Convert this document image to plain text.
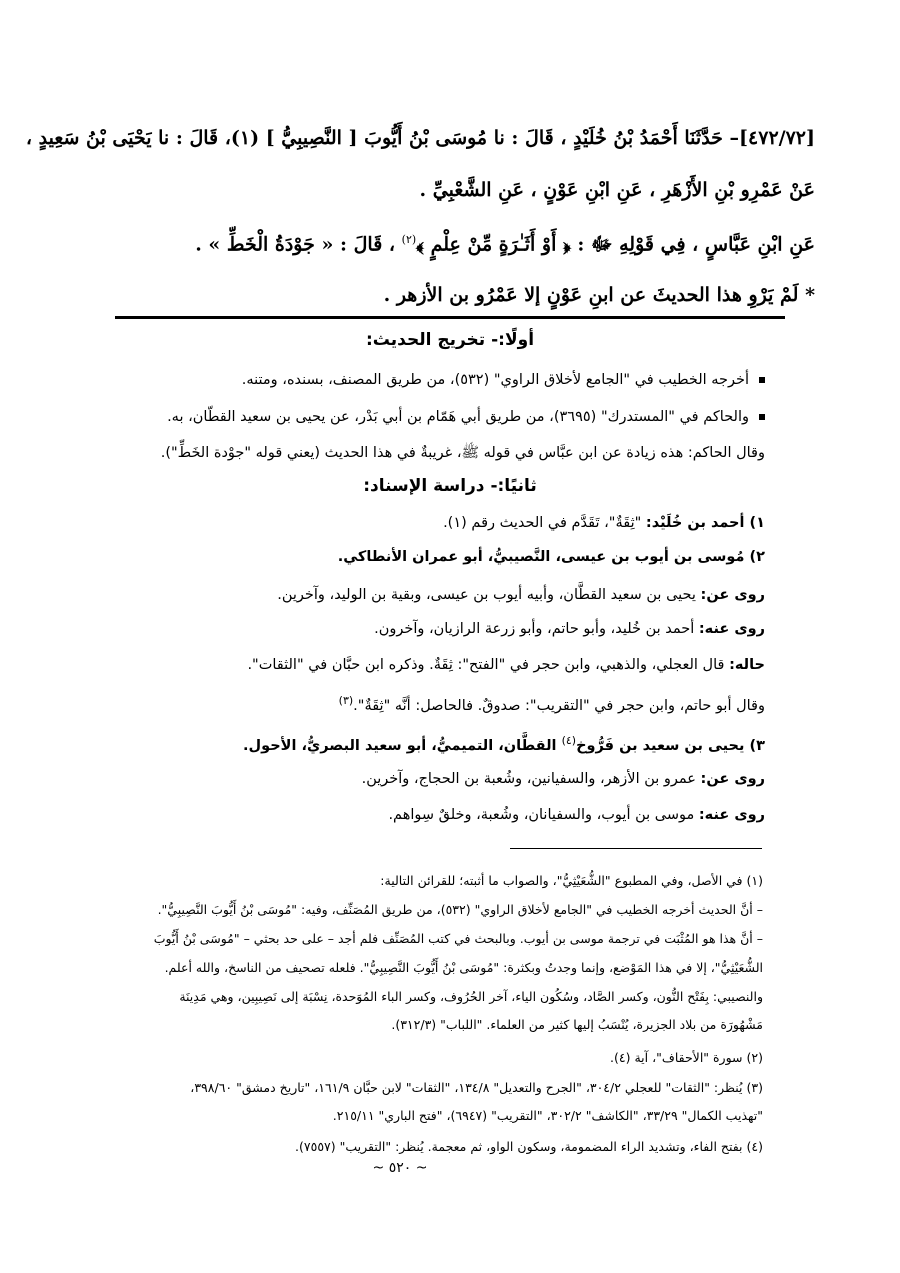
[٤٧٢/٧٢]– حَدَّثَنَا أَحْمَدُ بْنُ خُلَيْدٍ ، قَالَ : نا مُوسَى بْنُ أَيُّوبَ [ النَّصِيبِيُّ ] (١)، قَالَ : نا يَحْيَى بْنُ سَعِيدٍ ،
عَنْ عَمْرِو بْنِ الأَزْهَرِ ، عَنِ ابْنِ عَوْنٍ ، عَنِ الشَّعْبِيِّ .
عَنِ ابْنِ عَبَّاسٍ ، فِي قَوْلِهِ ﷻ : ﴿ أَوْ أَثَـٰرَةٍ مِّنْ عِلْمٍ ﴾$^{(٢)}$ ، قَالَ : « جَوْدَةُ الْخَطِّ » .
* لَمْ يَرْوِ هذا الحديثَ عن ابنِ عَوْنٍ إلا عَمْرُو بن الأزهر .
أولًا:- تخريج الحديث:
أخرجه الخطيب في "الجامع لأخلاق الراوي" (٥٣٢)، من طريق المصنف، بسنده، ومتنه.
والحاكم في "المستدرك" (٣٦٩٥)، من طريق أبي هَمّام بن أبي بَدْر، عن يحيى بن سعيد القطّان، به.
وقال الحاكم: هذه زيادة عن ابن عبَّاس في قوله ﷺ، غريبةٌ في هذا الحديث (يعني قوله "جوْدة الخَطِّ").
ثانيًا:- دراسة الإسناد:
١) أحمد بن خُلَيْد: "ثِقَةٌ"، تَقَدَّم في الحديث رقم (١).
٢) مُوسى بن أيوب بن عيسى، النَّصيبيُّ، أبو عمران الأنطاكي.
روى عن: يحيى بن سعيد القطَّان، وأبيه أيوب بن عيسى، وبقية بن الوليد، وآخرين.
روى عنه: أحمد بن خُليد، وأبو حاتم، وأبو زرعة الرازيان، وآخرون.
حاله: قال العجلي، والذهبي، وابن حجر في "الفتح": ثِقَةٌ. وذكره ابن حبَّان في "الثقات".
وقال أبو حاتم، وابن حجر في "التقريب": صدوقٌ. فالحاصل: أنَّه "ثِقَةٌ".$^{(٣)}$
٣) يحيى بن سعيد بن فَرُّوخ$^{(٤)}$ القطَّان، التميميُّ، أبو سعيد البصريُّ، الأحول.
روى عن: عمرو بن الأزهر، والسفيانين، وشُعبة بن الحجاج، وآخرين.
روى عنه: موسى بن أيوب، والسفيانان، وشُعبة، وخلقٌ سِواهم.
(١) في الأصل، وفي المطبوع "الشُّعَيْثِيُّ"، والصواب ما أثبته؛ للقرائن التالية:
– أنَّ الحديث أخرجه الخطيب في "الجامع لأخلاق الراوي" (٥٣٢)، من طريق المُصَنِّف، وفيه: "مُوسَى بْنُ أَيُّوبَ النَّصِيبِيُّ".
– أنَّ هذا هو المُثْبَت في ترجمة موسى بن أيوب. وبالبحث في كتب المُصَنِّف فلم أجد – على حد بحثي – "مُوسَى بْنُ أَيُّوبَ
الشُّعَيْثِيُّ"، إلا في هذا المَوْضع، وإنما وجدتُ وبكثرة: "مُوسَى بْنُ أَيُّوبَ النَّصِيبِيُّ". فلعله تصحيف من الناسخ، والله أعلم.
والنصيبي: بِفَتْح النُّون، وكسر الصَّاد، وسُكُون الياء، آخر الحُرُوف، وكسر الباء المُوَحدة، نِسْبَة إلى نَصِيبِين، وهي مَدِينَة
مَشْهُورَة من بلاد الجزيرة، يُنْسَبُ إليها كثير من العلماء. "اللباب" (٣١٢/٣).
(٢) سورة "الأحقاف"، آية (٤).
(٣) يُنظر: "الثقات" للعجلي ٣٠٤/٢، "الجرح والتعديل" ١٣٤/٨، "الثقات" لابن حبَّان ١٦١/٩، "تاريخ دمشق" ٣٩٨/٦٠،
"تهذيب الكمال" ٣٣/٢٩، "الكاشف" ٣٠٢/٢، "التقريب" (٦٩٤٧)، "فتح الباري" ٢١٥/١١.
(٤) بفتح الفاء، وتشديد الراء المضمومة، وسكون الواو، ثم معجمة. يُنظر: "التقريب" (٧٥٥٧).
~ ٥٢٠ ~
